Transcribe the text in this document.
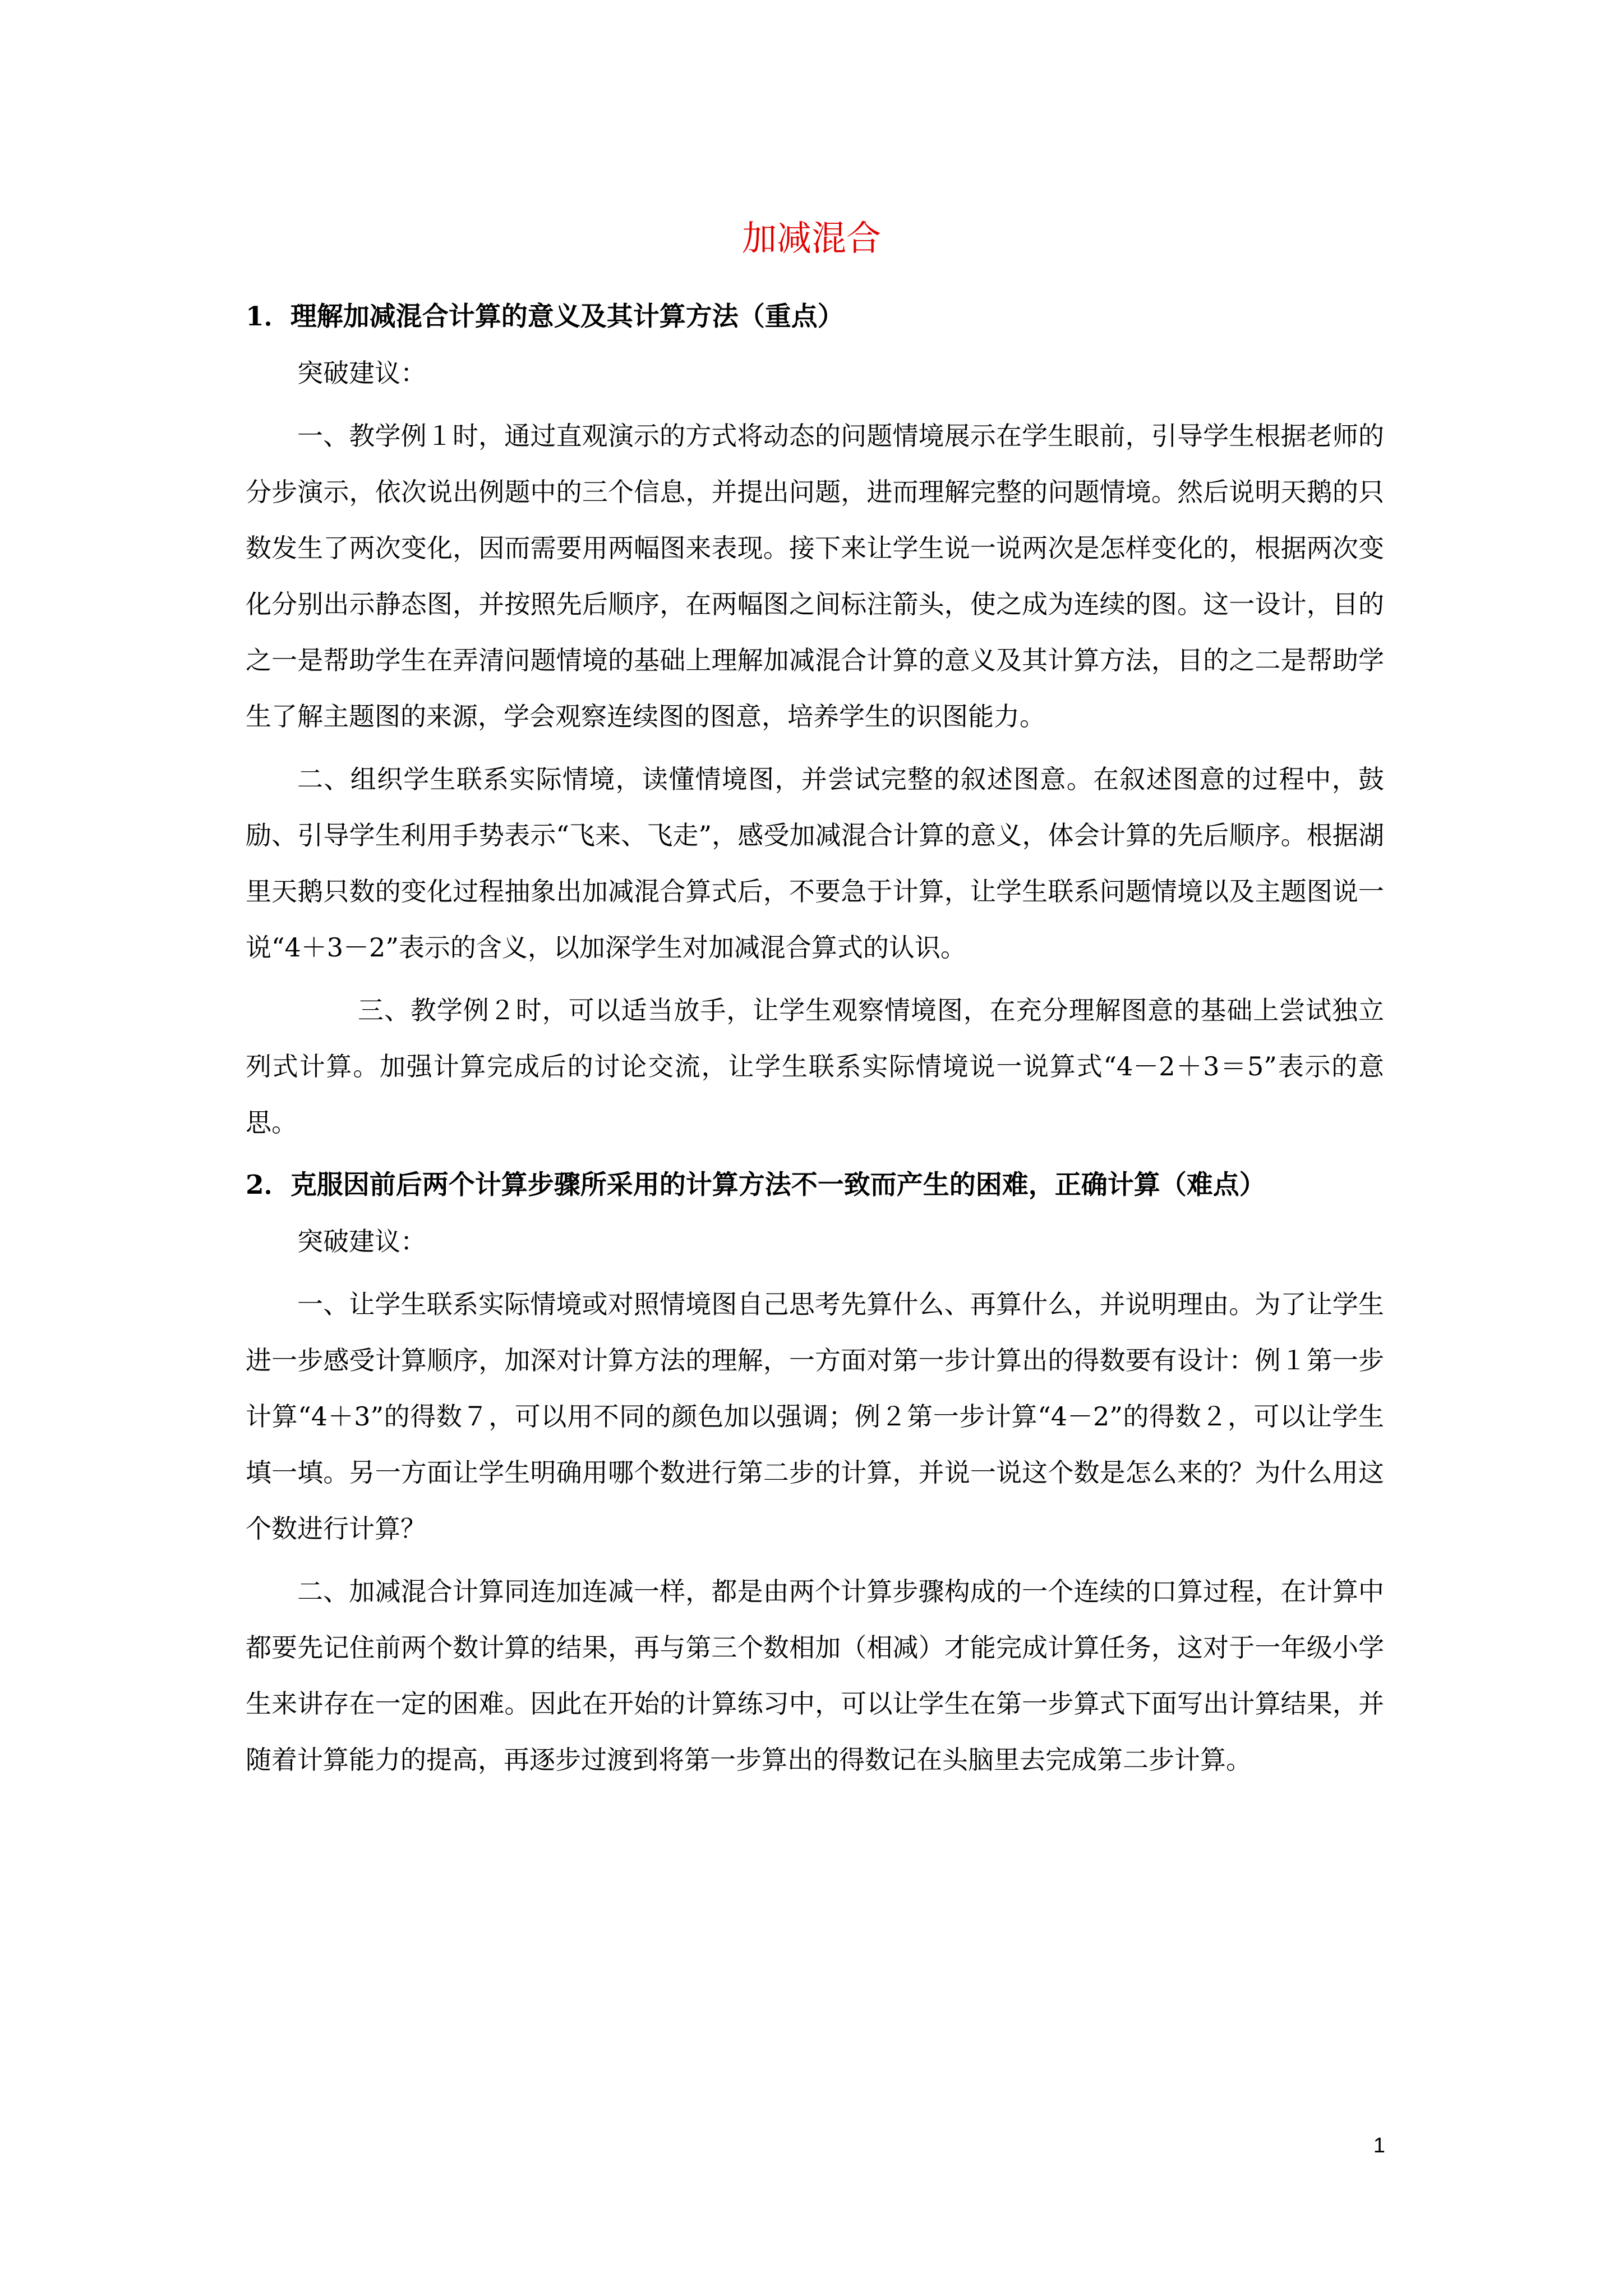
加减混合

1．理解加减混合计算的意义及其计算方法（重点）

突破建议：

一、教学例１时，通过直观演示的方式将动态的问题情境展示在学生眼前，引导学生根据老师的分步演示，依次说出例题中的三个信息，并提出问题，进而理解完整的问题情境。然后说明天鹅的只数发生了两次变化，因而需要用两幅图来表现。接下来让学生说一说两次是怎样变化的，根据两次变化分别出示静态图，并按照先后顺序，在两幅图之间标注箭头，使之成为连续的图。这一设计，目的之一是帮助学生在弄清问题情境的基础上理解加减混合计算的意义及其计算方法，目的之二是帮助学生了解主题图的来源，学会观察连续图的图意，培养学生的识图能力。

二、组织学生联系实际情境，读懂情境图，并尝试完整的叙述图意。在叙述图意的过程中，鼓励、引导学生利用手势表示“飞来、飞走”，感受加减混合计算的意义，体会计算的先后顺序。根据湖里天鹅只数的变化过程抽象出加减混合算式后，不要急于计算，让学生联系问题情境以及主题图说一说“4＋3－2”表示的含义，以加深学生对加减混合算式的认识。

三、教学例２时，可以适当放手，让学生观察情境图，在充分理解图意的基础上尝试独立列式计算。加强计算完成后的讨论交流，让学生联系实际情境说一说算式“4－2＋3＝5”表示的意思。

2．克服因前后两个计算步骤所采用的计算方法不一致而产生的困难，正确计算（难点）

突破建议：

一、让学生联系实际情境或对照情境图自己思考先算什么、再算什么，并说明理由。为了让学生进一步感受计算顺序，加深对计算方法的理解，一方面对第一步计算出的得数要有设计：例１第一步计算“4＋3”的得数７，可以用不同的颜色加以强调；例２第一步计算“4－2”的得数２，可以让学生填一填。另一方面让学生明确用哪个数进行第二步的计算，并说一说这个数是怎么来的？为什么用这个数进行计算？

二、加减混合计算同连加连减一样，都是由两个计算步骤构成的一个连续的口算过程，在计算中都要先记住前两个数计算的结果，再与第三个数相加（相减）才能完成计算任务，这对于一年级小学生来讲存在一定的困难。因此在开始的计算练习中，可以让学生在第一步算式下面写出计算结果，并随着计算能力的提高，再逐步过渡到将第一步算出的得数记在头脑里去完成第二步计算。

1
